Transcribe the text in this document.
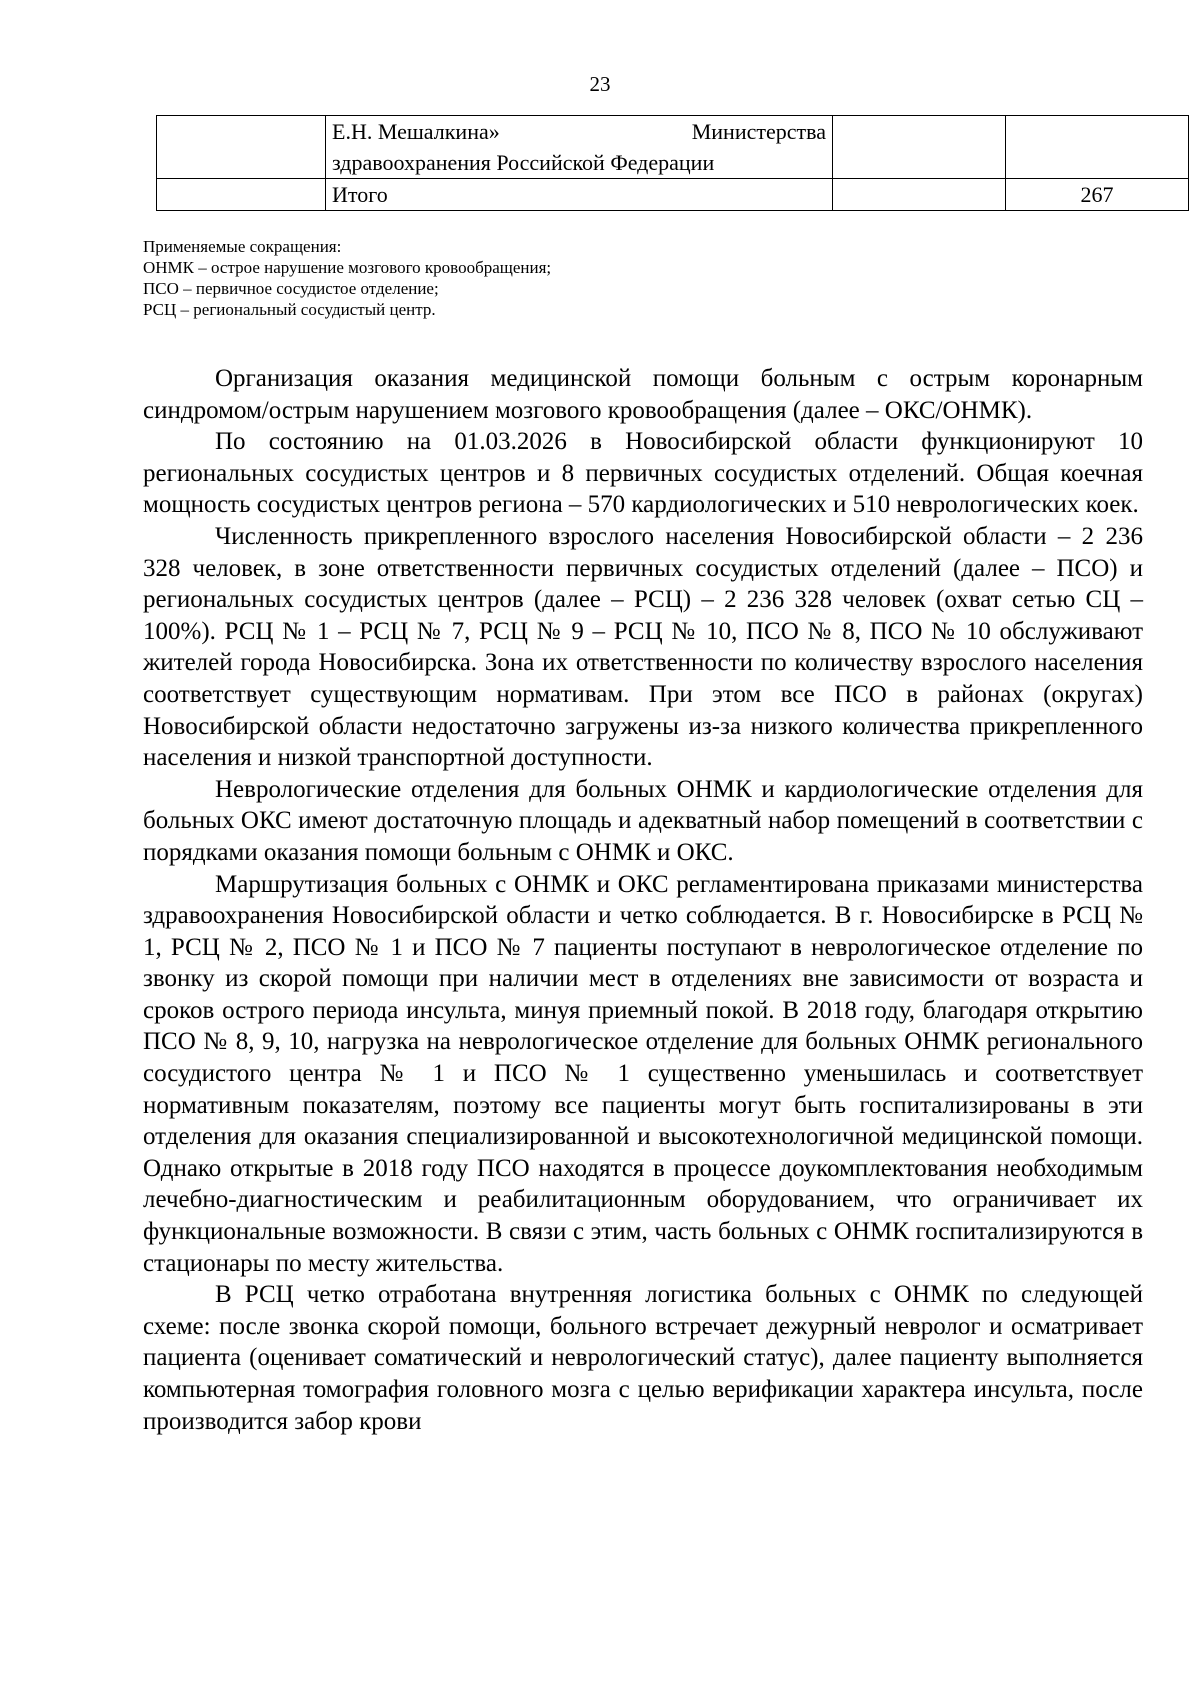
23

	Е.Н. Мешалкина» Министерства
здравоохранения Российской Федерации		

	Итого		267
Применяемые сокращения:
ОНМК – острое нарушение мозгового кровообращения;
ПСО – первичное сосудистое отделение;
РСЦ – региональный сосудистый центр.

Организация оказания медицинской помощи больным с острым коронарным синдромом/острым нарушением мозгового кровообращения (далее – ОКС/ОНМК).

По состоянию на 01.03.2026 в Новосибирской области функционируют 10 региональных сосудистых центров и 8 первичных сосудистых отделений. Общая коечная мощность сосудистых центров региона – 570 кардиологических и 510 неврологических коек.

Численность прикрепленного взрослого населения Новосибирской области – 2 236 328 человек, в зоне ответственности первичных сосудистых отделений (далее – ПСО) и региональных сосудистых центров (далее – РСЦ) – 2 236 328 человек (охват сетью СЦ – 100%). РСЦ № 1 – РСЦ № 7, РСЦ № 9 – РСЦ № 10, ПСО № 8, ПСО № 10 обслуживают жителей города Новосибирска. Зона их ответственности по количеству взрослого населения соответствует существующим нормативам. При этом все ПСО в районах (округах) Новосибирской области недостаточно загружены из-за низкого количества прикрепленного населения и низкой транспортной доступности.

Неврологические отделения для больных ОНМК и кардиологические отделения для больных ОКС имеют достаточную площадь и адекватный набор помещений в соответствии с порядками оказания помощи больным с ОНМК и ОКС.

Маршрутизация больных с ОНМК и ОКС регламентирована приказами министерства здравоохранения Новосибирской области и четко соблюдается. В г. Новосибирске в РСЦ № 1, РСЦ № 2, ПСО № 1 и ПСО № 7 пациенты поступают в неврологическое отделение по звонку из скорой помощи при наличии мест в отделениях вне зависимости от возраста и сроков острого периода инсульта, минуя приемный покой. В 2018 году, благодаря открытию ПСО № 8, 9, 10, нагрузка на неврологическое отделение для больных ОНМК регионального сосудистого центра № 1 и ПСО № 1 существенно уменьшилась и соответствует нормативным показателям, поэтому все пациенты могут быть госпитализированы в эти отделения для оказания специализированной и высокотехнологичной медицинской помощи. Однако открытые в 2018 году ПСО находятся в процессе доукомплектования необходимым лечебно-диагностическим и реабилитационным оборудованием, что ограничивает их функциональные возможности. В связи с этим, часть больных с ОНМК госпитализируются в стационары по месту жительства.

В РСЦ четко отработана внутренняя логистика больных с ОНМК по следующей схеме: после звонка скорой помощи, больного встречает дежурный невролог и осматривает пациента (оценивает соматический и неврологический статус), далее пациенту выполняется компьютерная томография головного мозга с целью верификации характера инсульта, после производится забор крови
